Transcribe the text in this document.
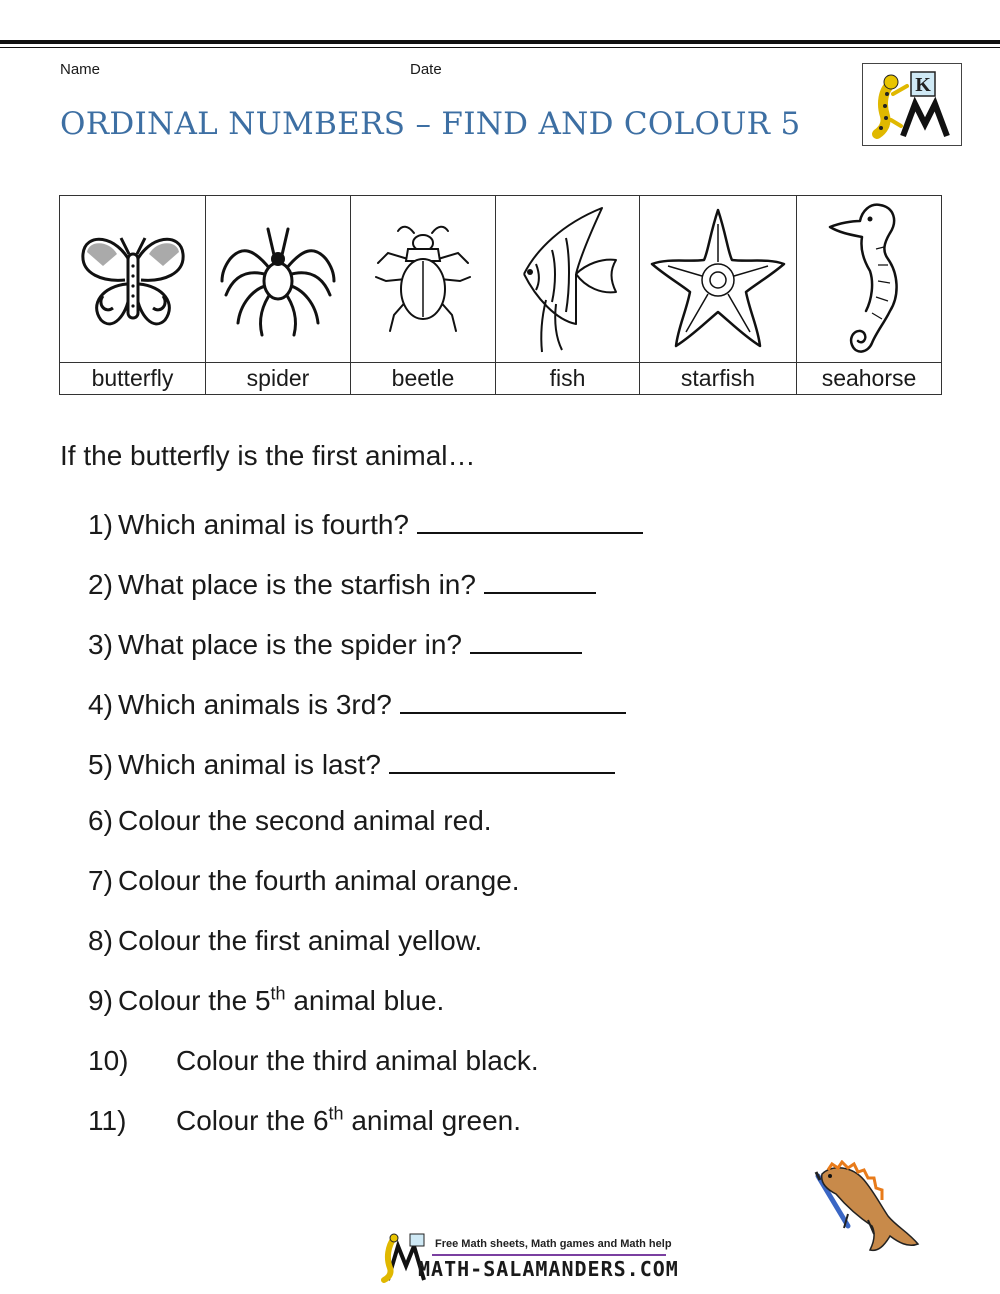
Name	Date
ORDINAL NUMBERS – FIND AND COLOUR 5
K

butterfly	spider	beetle	fish	starfish	seahorse

If the butterfly is the first animal…

1) Which animal is fourth?
2) What place is the starfish in?
3) What place is the spider in?
4) Which animals is 3rd?
5) Which animal is last?
6) Colour the second animal red.
7) Colour the fourth animal orange.
8) Colour the first animal yellow.
9) Colour the 5th animal blue.
10) Colour the third animal black.
11) Colour the 6th animal green.
Free Math sheets, Math games and Math help
MATH-SALAMANDERS.COM
